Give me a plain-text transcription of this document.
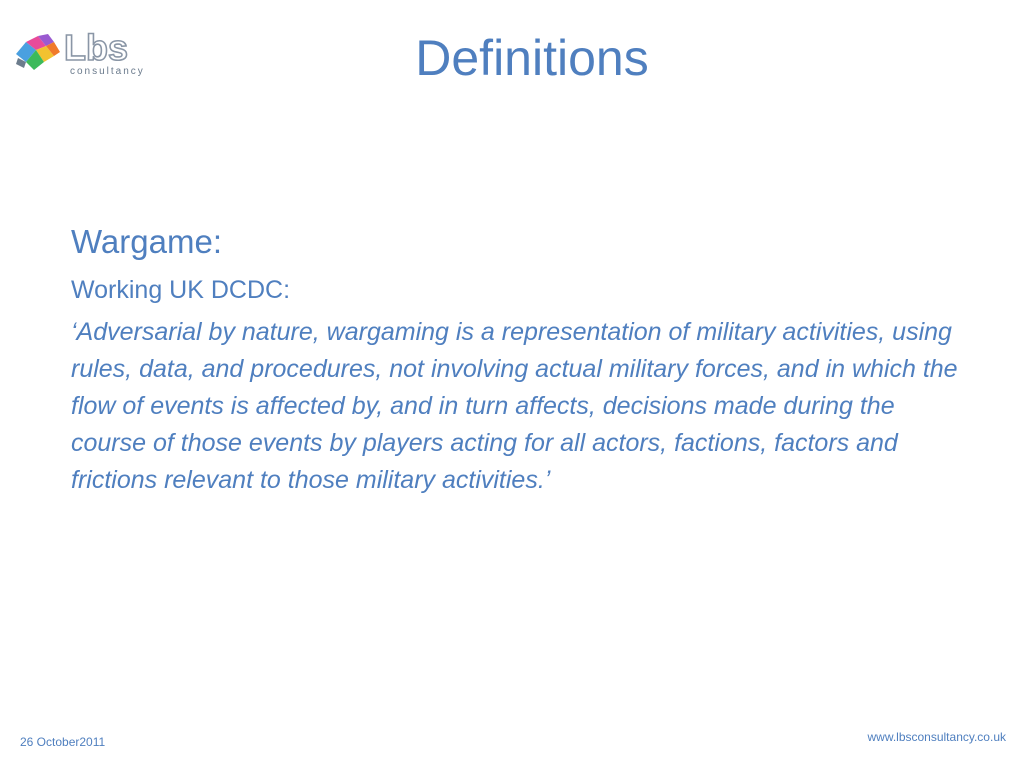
Lbs
consultancy	Definitions
Wargame:
Working UK DCDC:

‘Adversarial by nature, wargaming is a representation of military activities, using rules, data, and procedures, not involving actual military forces, and in which the flow of events is affected by, and in turn affects, decisions made during the course of those events by players acting for all actors, factions, factors and frictions relevant to those military activities.’

26 October2011	www.lbsconsultancy.co.uk
